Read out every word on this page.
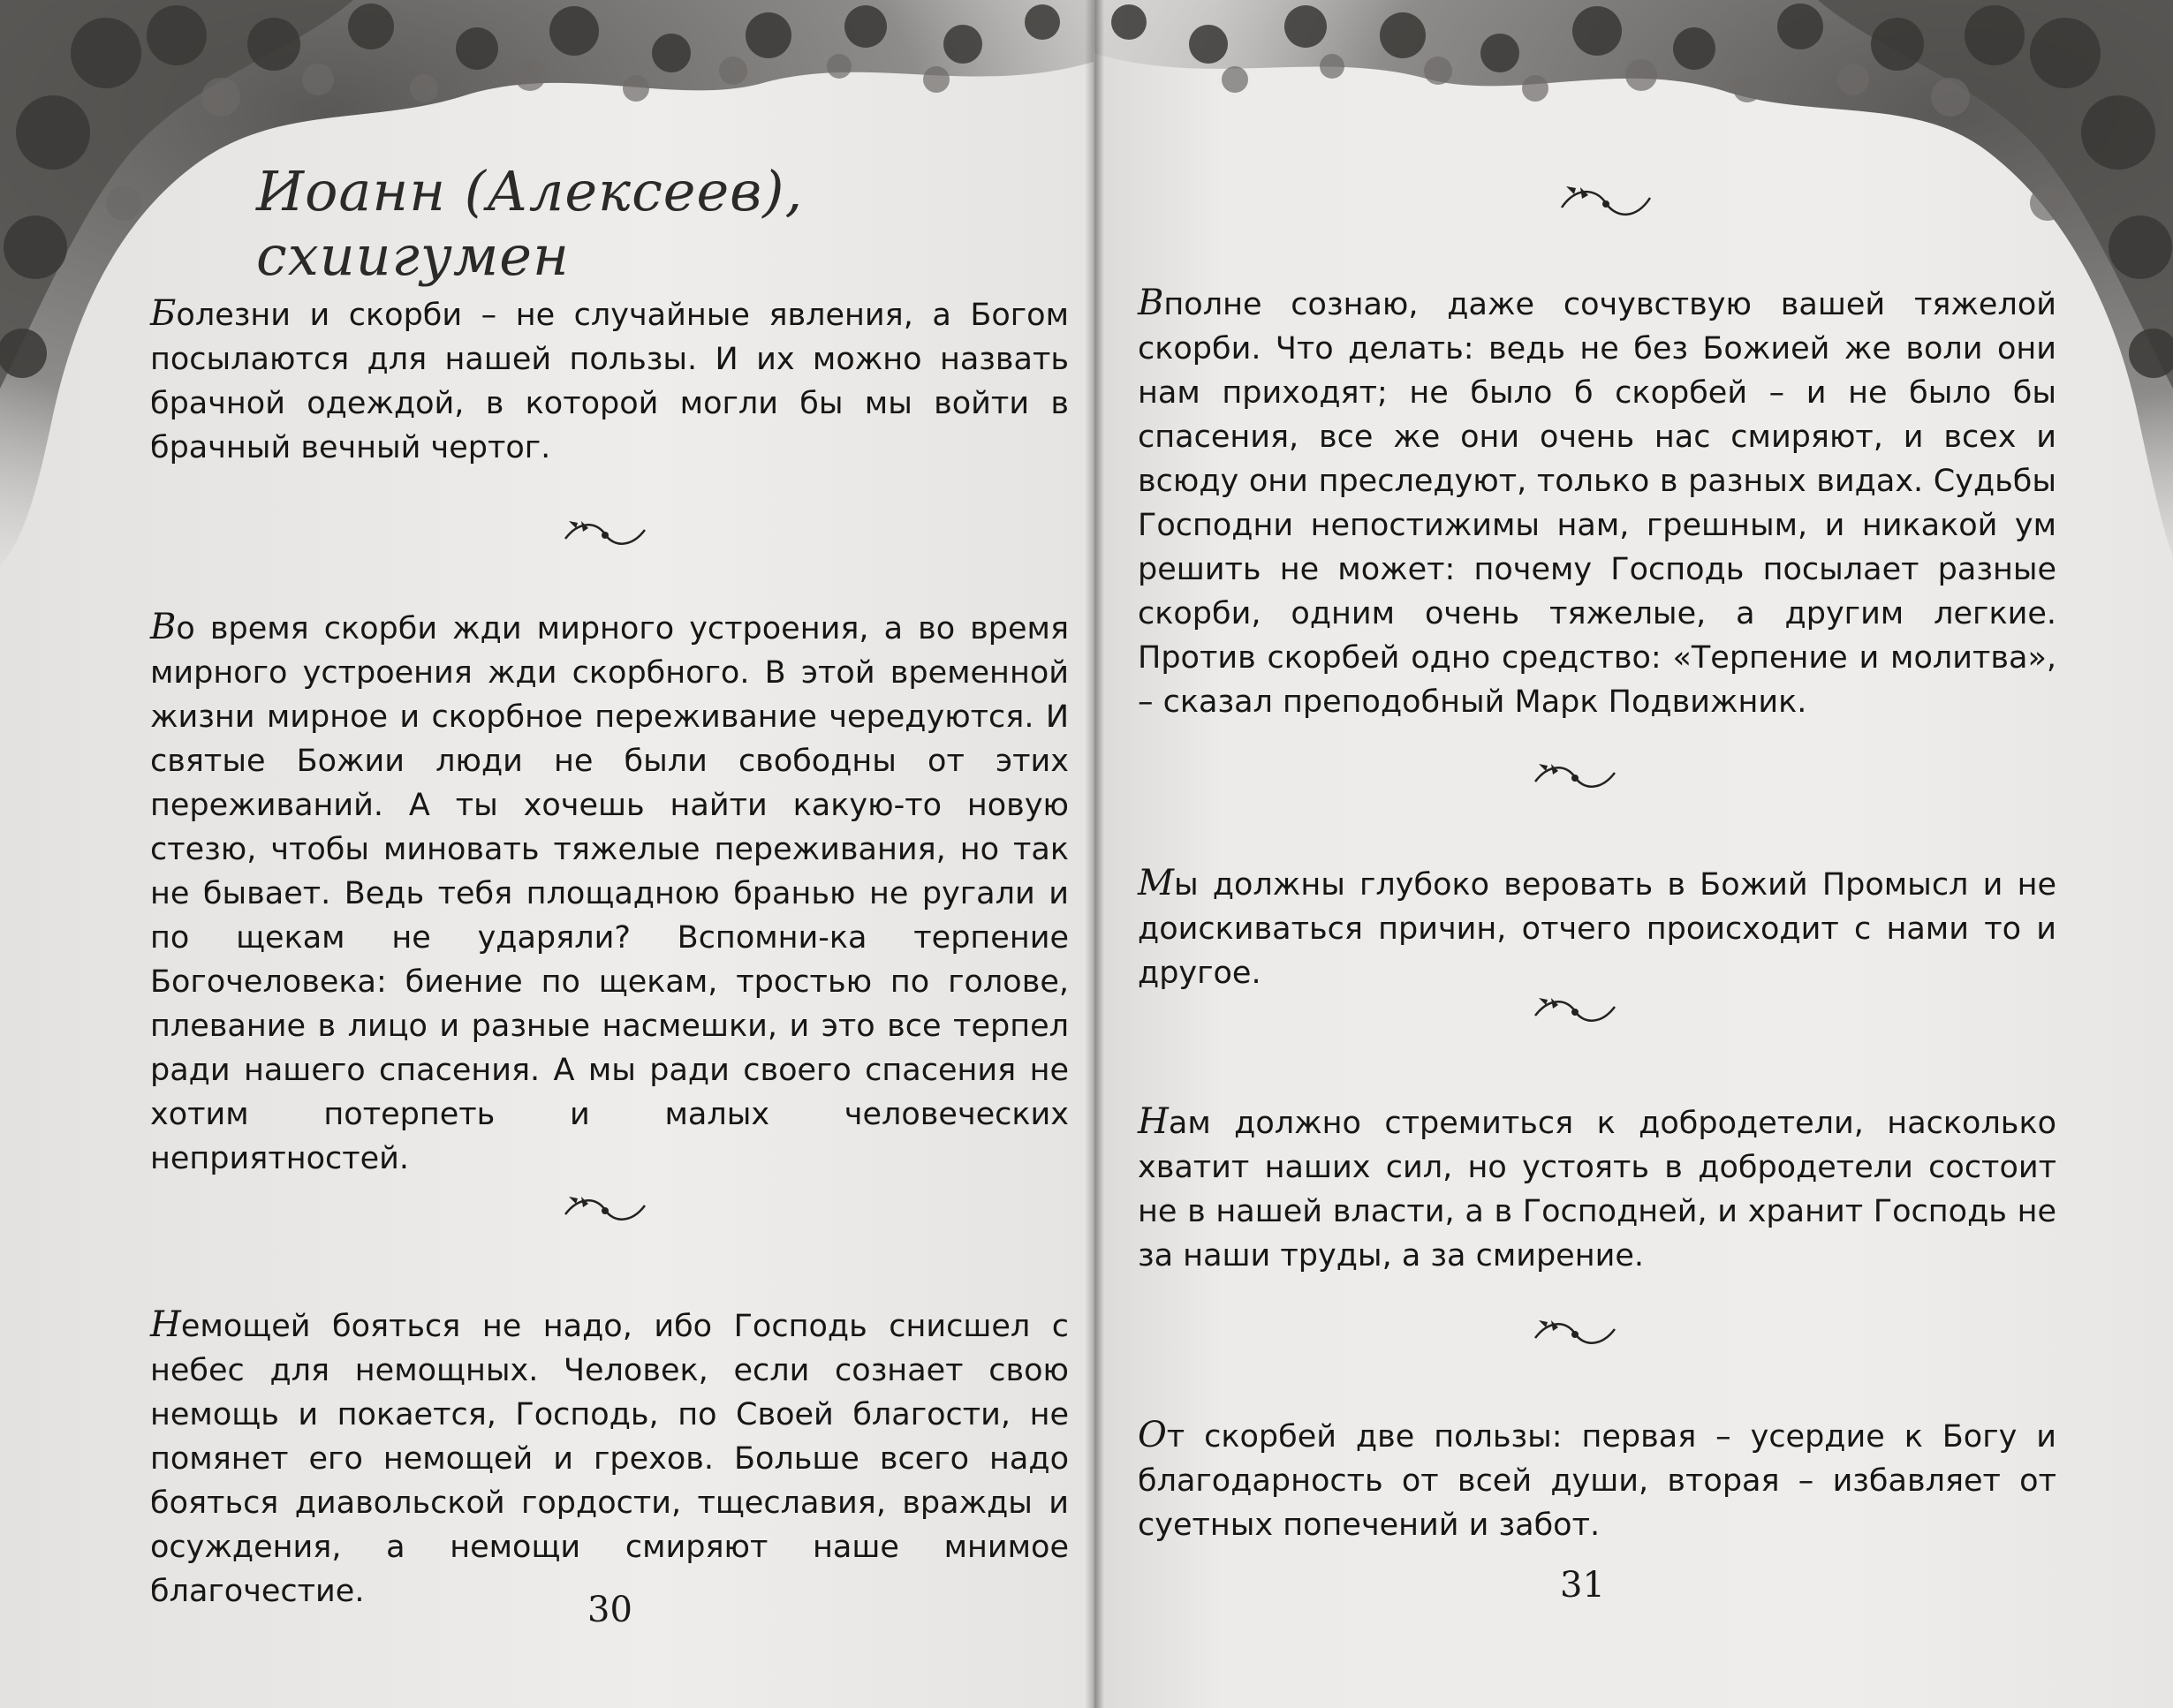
Иоанн (Алексеев), схиигумен
Болезни и скорби – не случайные явления, а Богом посылаются для нашей пользы. И их можно назвать брачной одеждой, в которой могли бы мы войти в брачный вечный чертог.
Во время скорби жди мирного устроения, а во время мирного устроения жди скорбного. В этой временной жизни мирное и скорбное переживание чередуются. И святые Божии люди не были свободны от этих переживаний. А ты хочешь найти какую-то новую стезю, чтобы миновать тяжелые переживания, но так не бывает. Ведь тебя площадною бранью не ругали и по щекам не ударяли? Вспомни-ка терпение Богочеловека: биение по щекам, тростью по голове, плевание в лицо и разные насмешки, и это все терпел ради нашего спасения. А мы ради своего спасения не хотим потерпеть и малых человеческих неприятностей.
Немощей бояться не надо, ибо Господь снисшел с небес для немощных. Человек, если сознает свою немощь и покается, Господь, по Своей благости, не помянет его немощей и грехов. Больше всего надо бояться диавольской гордости, тщеславия, вражды и осуждения, а немощи смиряют наше мнимое благочестие.	30
Вполне сознаю, даже сочувствую вашей тяжелой скорби. Что делать: ведь не без Божией же воли они нам приходят; не было б скорбей – и не было бы спасения, все же они очень нас смиряют, и всех и всюду они преследуют, только в разных видах. Судьбы Господни непостижимы нам, грешным, и никакой ум решить не может: почему Господь посылает разные скорби, одним очень тяжелые, а другим легкие. Против скорбей одно средство: «Терпение и молитва», – сказал преподобный Марк Подвижник.
Мы должны глубоко веровать в Божий Промысл и не доискиваться причин, отчего происходит с нами то и другое.
Нам должно стремиться к добродетели, насколько хватит наших сил, но устоять в добродетели состоит не в нашей власти, а в Господней, и хранит Господь не за наши труды, а за смирение.
От скорбей две пользы: первая – усердие к Богу и благодарность от всей души, вторая – избавляет от суетных попечений и забот.
31
